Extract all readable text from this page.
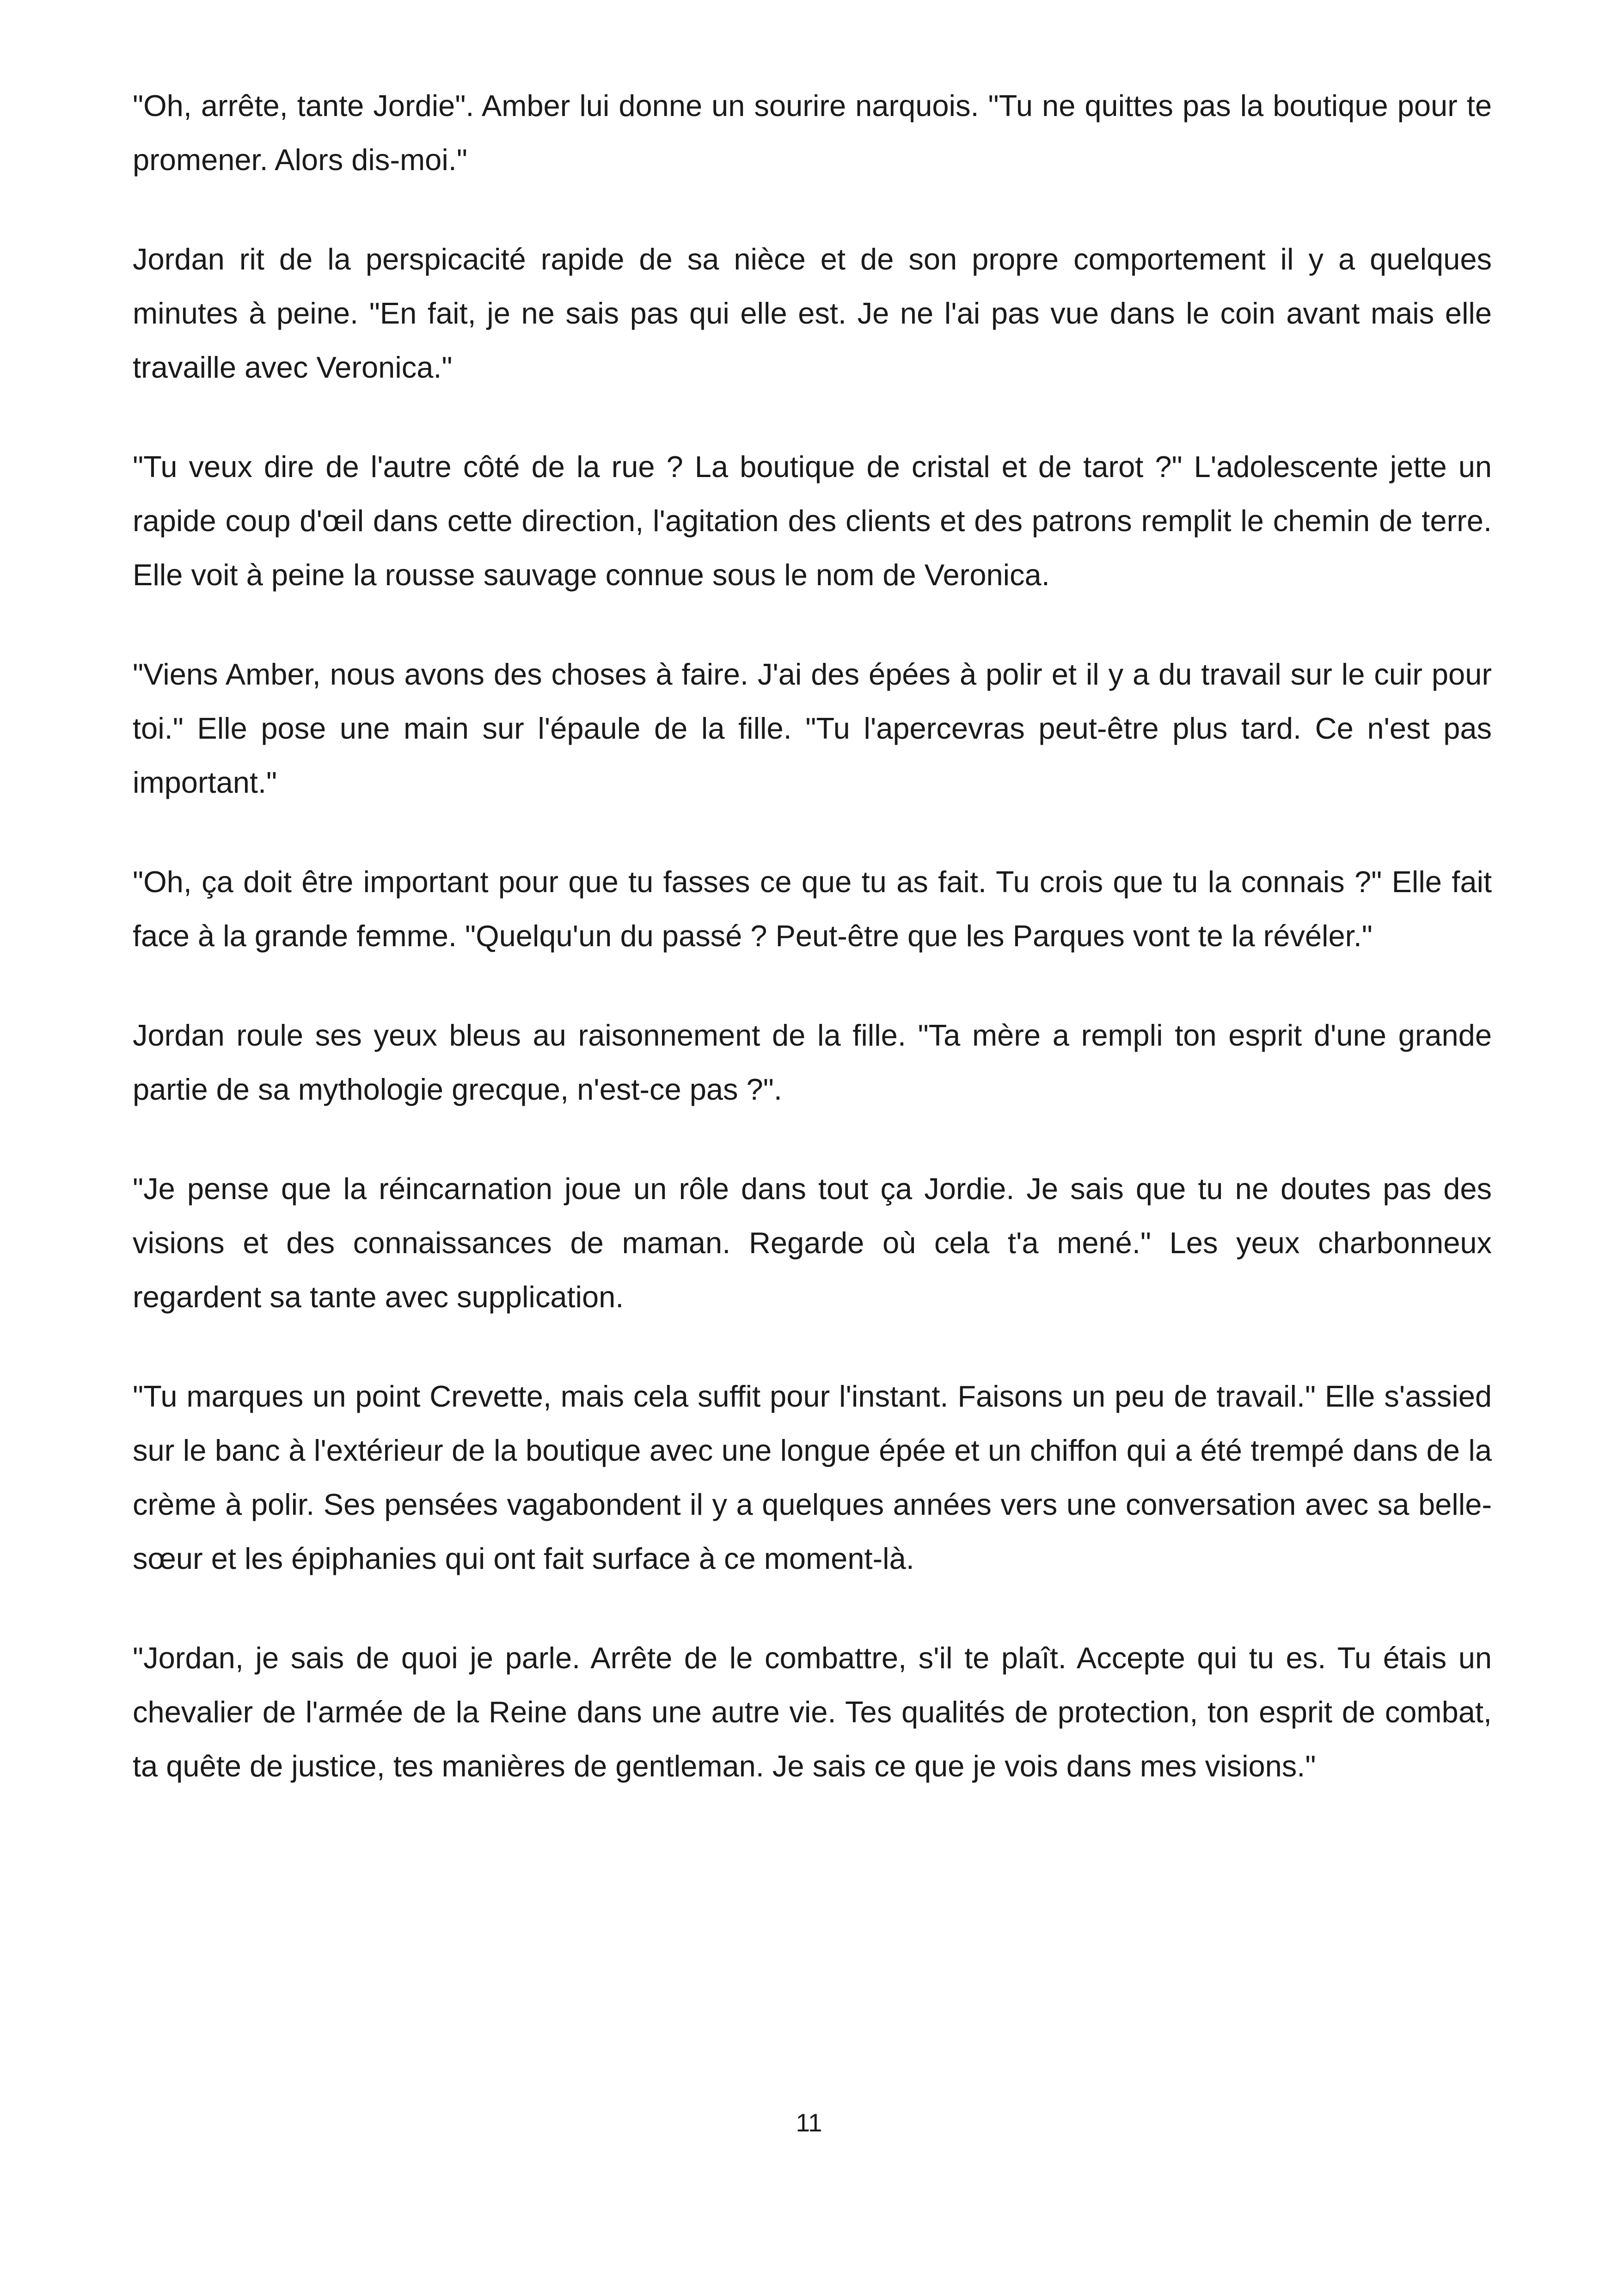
"Oh, arrête, tante Jordie". Amber lui donne un sourire narquois. "Tu ne quittes pas la boutique pour te promener. Alors dis-moi."

Jordan rit de la perspicacité rapide de sa nièce et de son propre comportement il y a quelques minutes à peine. "En fait, je ne sais pas qui elle est. Je ne l'ai pas vue dans le coin avant mais elle travaille avec Veronica."

"Tu veux dire de l'autre côté de la rue ? La boutique de cristal et de tarot ?" L'adolescente jette un rapide coup d'œil dans cette direction, l'agitation des clients et des patrons remplit le chemin de terre. Elle voit à peine la rousse sauvage connue sous le nom de Veronica.

"Viens Amber, nous avons des choses à faire. J'ai des épées à polir et il y a du travail sur le cuir pour toi." Elle pose une main sur l'épaule de la fille. "Tu l'apercevras peut-être plus tard. Ce n'est pas important."

"Oh, ça doit être important pour que tu fasses ce que tu as fait. Tu crois que tu la connais ?" Elle fait face à la grande femme. "Quelqu'un du passé ? Peut-être que les Parques vont te la révéler."

Jordan roule ses yeux bleus au raisonnement de la fille. "Ta mère a rempli ton esprit d'une grande partie de sa mythologie grecque, n'est-ce pas ?".

"Je pense que la réincarnation joue un rôle dans tout ça Jordie. Je sais que tu ne doutes pas des visions et des connaissances de maman. Regarde où cela t'a mené." Les yeux charbonneux regardent sa tante avec supplication.

"Tu marques un point Crevette, mais cela suffit pour l'instant. Faisons un peu de travail." Elle s'assied sur le banc à l'extérieur de la boutique avec une longue épée et un chiffon qui a été trempé dans de la crème à polir. Ses pensées vagabondent il y a quelques années vers une conversation avec sa belle-sœur et les épiphanies qui ont fait surface à ce moment-là.

"Jordan, je sais de quoi je parle. Arrête de le combattre, s'il te plaît. Accepte qui tu es. Tu étais un chevalier de l'armée de la Reine dans une autre vie. Tes qualités de protection, ton esprit de combat, ta quête de justice, tes manières de gentleman. Je sais ce que je vois dans mes visions."

11
